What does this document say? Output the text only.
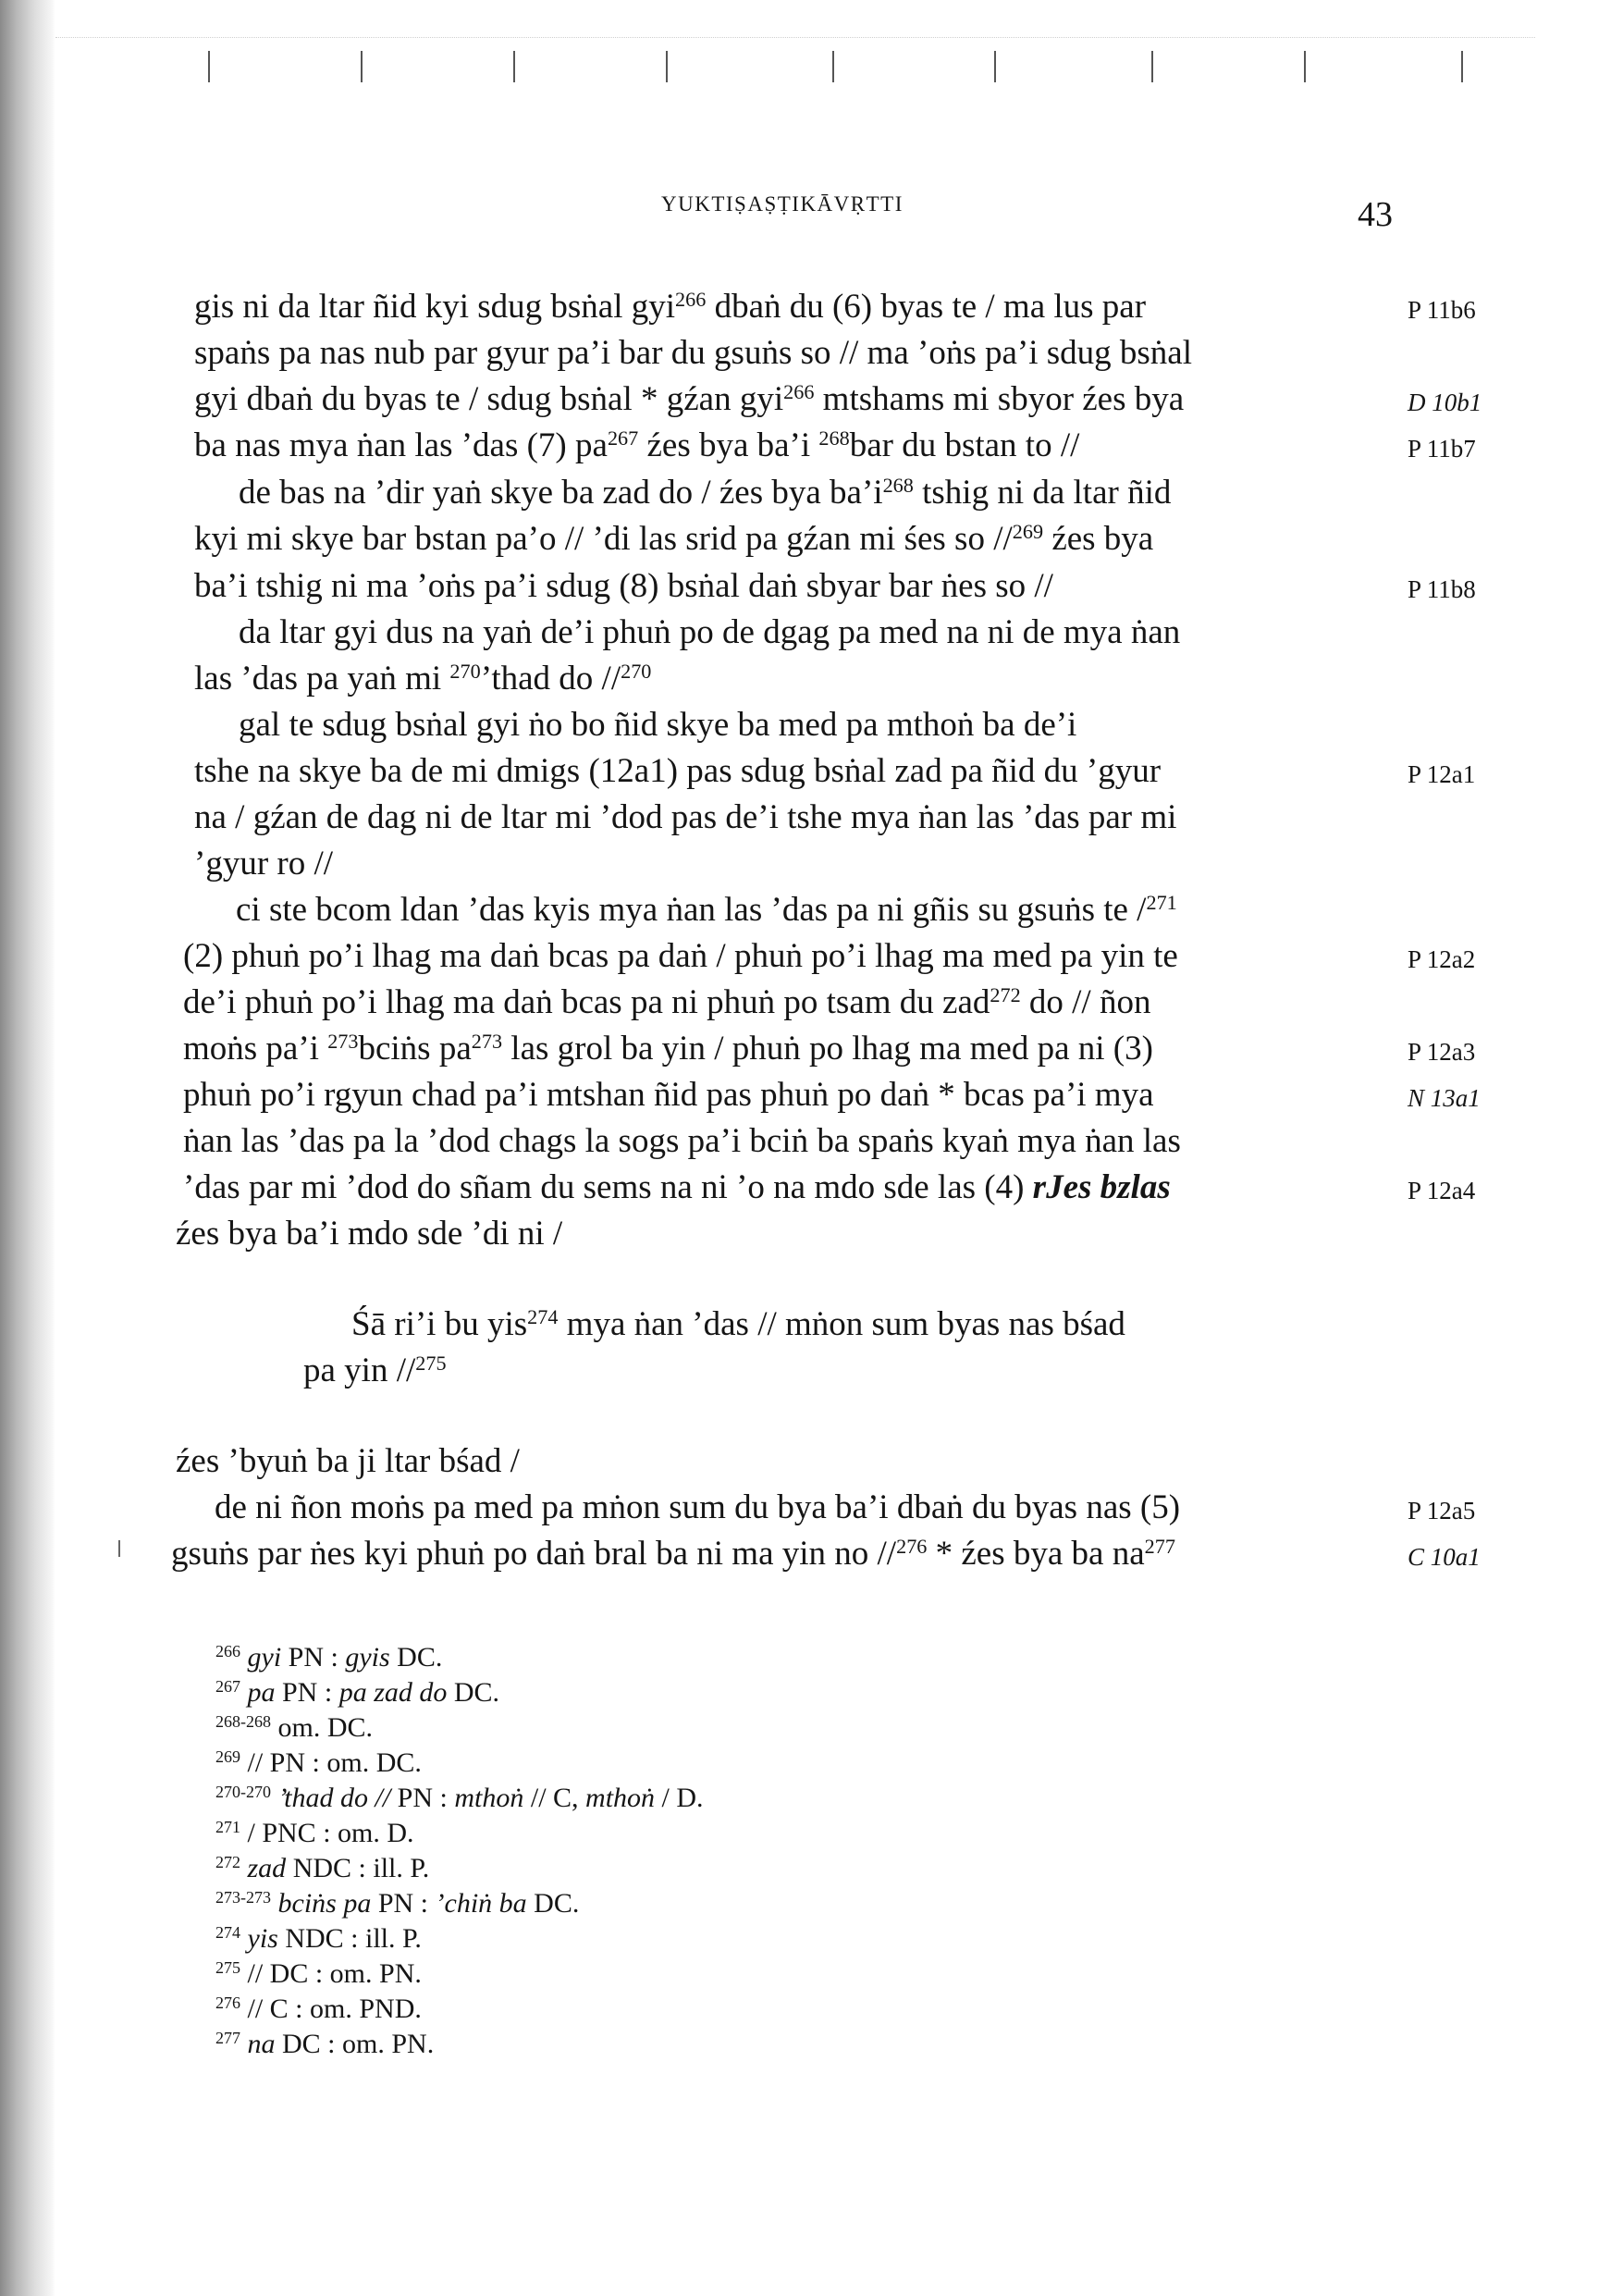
YUKTIṢAṢṬIKĀVṚTTI	43
gis ni da ltar ñid kyi sdug bsṅal gyi$^{266}$ dbaṅ du (6) byas te / ma lus par
spaṅs pa nas nub par gyur pa’i bar du gsuṅs so // ma ’oṅs pa’i sdug bsṅal
gyi dbaṅ du byas te / sdug bsṅal * gźan gyi$^{266}$ mtshams mi sbyor źes bya
ba nas mya ṅan las ’das (7) $pa^{267}$ źes bya ba’i $^{268}$bar du bstan to //
de bas na ’dir yaṅ skye ba zad do / źes bya $ba’i^{268}$ tshig ni da ltar ñid
kyi mi skye bar bstan pa’o // ’di las srid pa gźan mi śes so //$^{269}$ źes bya
ba’i tshig ni ma ’oṅs pa’i sdug (8) bsṅal daṅ sbyar bar ṅes so //
da ltar gyi dus na yaṅ de’i phuṅ po de dgag pa med na ni de mya ṅan
las ’das pa yaṅ mi $^{270}$’thad do //$^{270}$
gal te sdug bsṅal gyi ṅo bo ñid skye ba med pa mthoṅ ba de’i
tshe na skye ba de mi dmigs (12a1) pas sdug bsṅal zad pa ñid du ’gyur
na / gźan de dag ni de ltar mi ’dod pas de’i tshe mya ṅan las ’das par mi
’gyur ro //
ci ste bcom ldan ’das kyis mya ṅan las ’das pa ni gñis su gsuṅs te /$^{271}$
(2) phuṅ po’i lhag ma daṅ bcas pa daṅ / phuṅ po’i lhag ma med pa yin te
de’i phuṅ po’i lhag ma daṅ bcas pa ni phuṅ po tsam du zad$^{272}$ do // ñon
moṅs pa’i $^{273}$bciṅs $pa^{273}$ las grol ba yin / phuṅ po lhag ma med pa ni (3)
phuṅ po’i rgyun chad pa’i mtshan ñid pas phuṅ po daṅ * bcas pa’i mya
ṅan las ’das pa la ’dod chags la sogs pa’i bciṅ ba spaṅs kyaṅ mya ṅan las
’das par mi ’dod do sñam du sems na ni ’o na mdo sde las (4) rJes bzlas
źes bya ba’i mdo sde ’di ni /
Śā ri’i bu yis$^{274}$ mya ṅan ’das // mṅon sum byas nas bśad
pa yin //$^{275}$
źes ’byuṅ ba ji ltar bśad /
de ni ñon moṅs pa med pa mṅon sum du bya ba’i dbaṅ du byas nas (5)
gsuṅs par ṅes kyi phuṅ po daṅ bral ba ni ma yin no //$^{276}$ * źes bya ba $na^{277}$
P 11b6
D 10b1
P 11b7
P 11b8
P 12a1
P 12a2
P 12a3
N 13a1
P 12a4
P 12a5
C 10a1
$^{266}$ gyi PN : gyis DC.
$^{267}$ pa PN : pa zad do DC.
$^{268-268}$ om. DC.
$^{269}$ // PN : om. DC.
$^{270-270}$ ’thad do // PN : mthoṅ // C, mthoṅ / D.
$^{271}$ / PNC : om. D.
$^{272}$ zad NDC : ill. P.
$^{273-273}$ bciṅs pa PN : ’chiṅ ba DC.
$^{274}$ yis NDC : ill. P.
$^{275}$ // DC : om. PN.
$^{276}$ // C : om. PND.
$^{277}$ na DC : om. PN.
